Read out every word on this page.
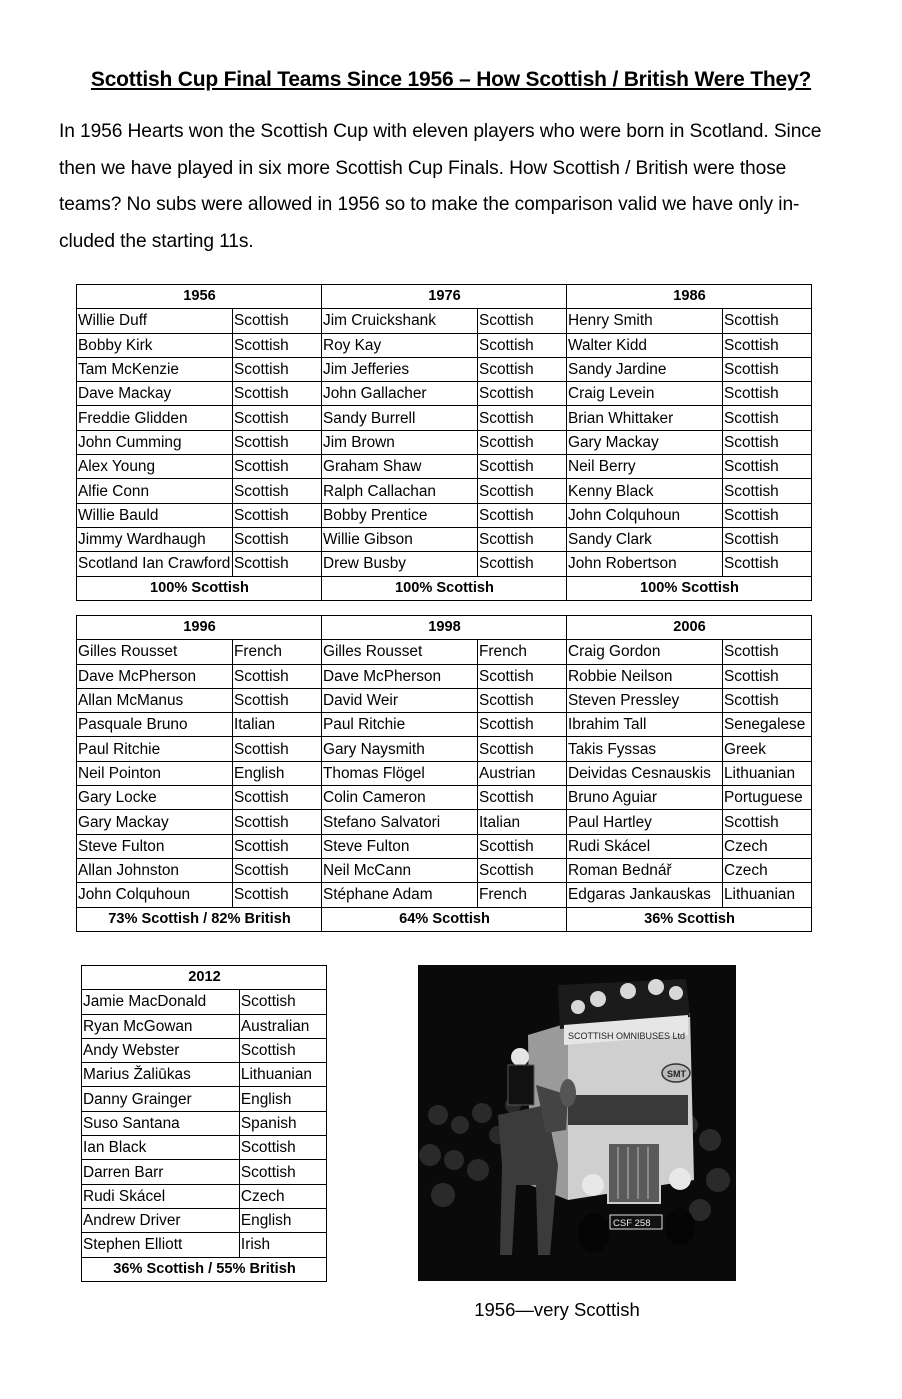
Scottish Cup Final Teams Since 1956 – How Scottish / British Were They?
In 1956 Hearts won the Scottish Cup with eleven players who were born in Scotland. Since then we have played in six more Scottish Cup Finals. How Scottish / British were those teams? No subs were allowed in 1956 so to make the comparison valid we have only in-cluded the starting 11s.
1956		1976		1986	
Willie Duff	Scottish	Jim Cruickshank	Scottish	Henry Smith	Scottish
Bobby Kirk	Scottish	Roy Kay	Scottish	Walter Kidd	Scottish
Tam McKenzie	Scottish	Jim Jefferies	Scottish	Sandy Jardine	Scottish
Dave Mackay	Scottish	John Gallacher	Scottish	Craig Levein	Scottish
Freddie Glidden	Scottish	Sandy Burrell	Scottish	Brian Whittaker	Scottish
John Cumming	Scottish	Jim Brown	Scottish	Gary Mackay	Scottish
Alex Young	Scottish	Graham Shaw	Scottish	Neil Berry	Scottish
Alfie Conn	Scottish	Ralph Callachan	Scottish	Kenny Black	Scottish
Willie Bauld	Scottish	Bobby Prentice	Scottish	John Colquhoun	Scottish
Jimmy Wardhaugh	Scottish	Willie Gibson	Scottish	Sandy Clark	Scottish
Scotland Ian Crawford	Scottish	Drew Busby	Scottish	John Robertson	Scottish
100% Scottish		100% Scottish		100% Scottish	
1996		1998		2006	
Gilles Rousset	French	Gilles Rousset	French	Craig Gordon	Scottish
Dave McPherson	Scottish	Dave McPherson	Scottish	Robbie Neilson	Scottish
Allan McManus	Scottish	David Weir	Scottish	Steven Pressley	Scottish
Pasquale Bruno	Italian	Paul Ritchie	Scottish	Ibrahim Tall	Senegalese
Paul Ritchie	Scottish	Gary Naysmith	Scottish	Takis Fyssas	Greek
Neil Pointon	English	Thomas Flögel	Austrian	Deividas Cesnauskis	Lithuanian
Gary Locke	Scottish	Colin Cameron	Scottish	Bruno Aguiar	Portuguese
Gary Mackay	Scottish	Stefano Salvatori	Italian	Paul Hartley	Scottish
Steve Fulton	Scottish	Steve Fulton	Scottish	Rudi Skácel	Czech
Allan Johnston	Scottish	Neil McCann	Scottish	Roman Bednář	Czech
John Colquhoun	Scottish	Stéphane Adam	French	Edgaras Jankauskas	Lithuanian
73% Scottish / 82% British		64% Scottish		36% Scottish	
2012	
Jamie MacDonald	Scottish
Ryan McGowan	Australian
Andy Webster	Scottish
Marius Žaliūkas	Lithuanian
Danny Grainger	English
Suso Santana	Spanish
Ian Black	Scottish
Darren Barr	Scottish
Rudi Skácel	Czech
Andrew Driver	English
Stephen Elliott	Irish
36% Scottish / 55% British	
SCOTTISH OMNIBUSES Ltd
SMT
CSF 258
1956—very Scottish
